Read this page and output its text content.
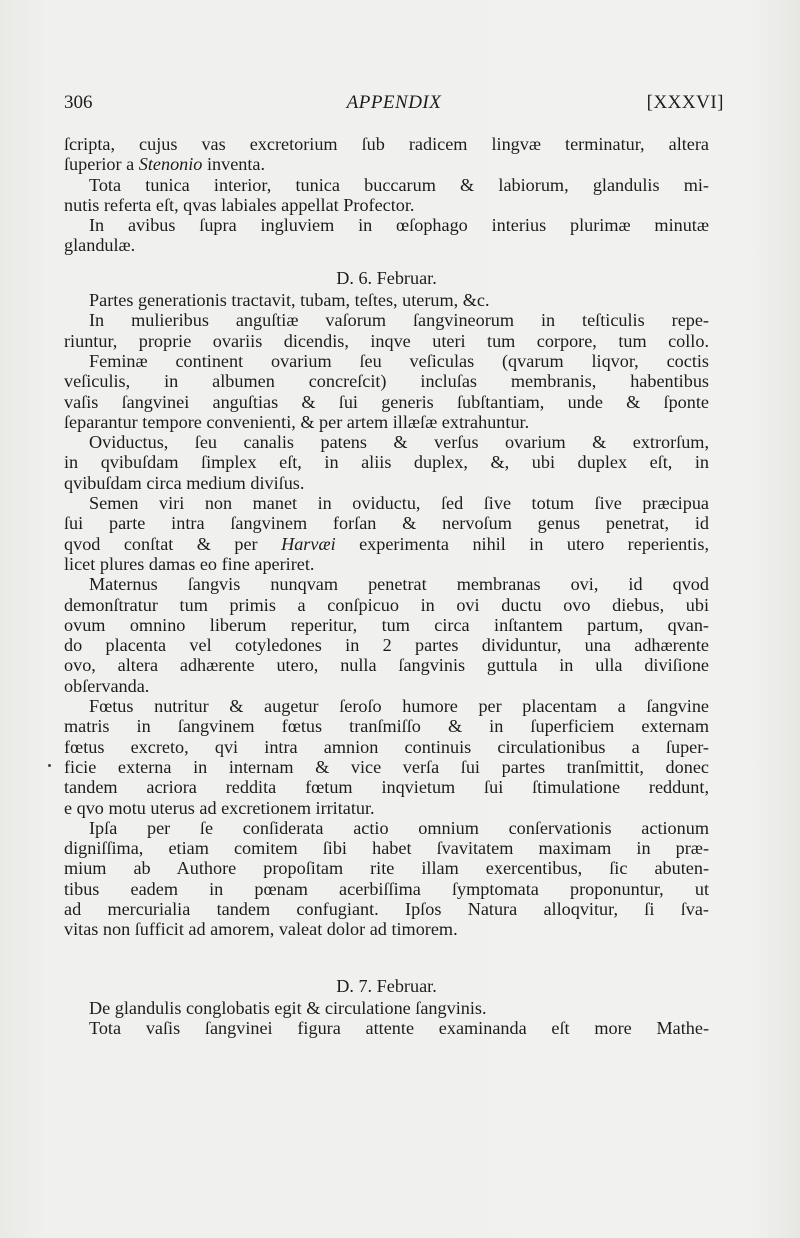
306	APPENDIX	[XXXVI]
ſcripta, cujus vas excretorium ſub radicem lingvæ terminatur, altera
ſuperior a Stenonio inventa.
Tota tunica interior, tunica buccarum & labiorum, glandulis mi-
nutis referta eſt, qvas labiales appellat Profector.
In avibus ſupra ingluviem in œſophago interius plurimæ minutæ
glandulæ.
D. 6. Februar.
Partes generationis tractavit, tubam, teſtes, uterum, &c.
In mulieribus anguſtiæ vaſorum ſangvineorum in teſticulis repe-
riuntur, proprie ovariis dicendis, inqve uteri tum corpore, tum collo.
Feminæ continent ovarium ſeu veſiculas (qvarum liqvor, coctis
veſiculis, in albumen concreſcit) incluſas membranis, habentibus
vaſis ſangvinei anguſtias & ſui generis ſubſtantiam, unde & ſponte
ſeparantur tempore convenienti, & per artem illæſæ extrahuntur.
Oviductus, ſeu canalis patens & verſus ovarium & extrorſum,
in qvibuſdam ſimplex eſt, in aliis duplex, &, ubi duplex eſt, in
qvibuſdam circa medium diviſus.
Semen viri non manet in oviductu, ſed ſive totum ſive præcipua
ſui parte intra ſangvinem forſan & nervoſum genus penetrat, id
qvod conſtat & per Harvæi experimenta nihil in utero reperientis,
licet plures damas eo fine aperiret.
Maternus ſangvis nunqvam penetrat membranas ovi, id qvod
demonſtratur tum primis a conſpicuo in ovi ductu ovo diebus, ubi
ovum omnino liberum reperitur, tum circa inſtantem partum, qvan-
do placenta vel cotyledones in 2 partes dividuntur, una adhærente
ovo, altera adhærente utero, nulla ſangvinis guttula in ulla diviſione
obſervanda.
Fœtus nutritur & augetur ſeroſo humore per placentam a ſangvine
matris in ſangvinem fœtus tranſmiſſo & in ſuperficiem externam
fœtus excreto, qvi intra amnion continuis circulationibus a ſuper-
ficie externa in internam & vice verſa ſui partes tranſmittit, donec
tandem acriora reddita fœtum inqvietum ſui ſtimulatione reddunt,
e qvo motu uterus ad excretionem irritatur.
Ipſa per ſe conſiderata actio omnium conſervationis actionum
digniſſima, etiam comitem ſibi habet ſvavitatem maximam in præ-
mium ab Authore propoſitam rite illam exercentibus, ſic abuten-
tibus eadem in pœnam acerbiſſima ſymptomata proponuntur, ut
ad mercurialia tandem confugiant. Ipſos Natura alloqvitur, ſi ſva-
vitas non ſufficit ad amorem, valeat dolor ad timorem.
D. 7. Februar.
De glandulis conglobatis egit & circulatione ſangvinis.
Tota vaſis ſangvinei figura attente examinanda eſt more Mathe-
